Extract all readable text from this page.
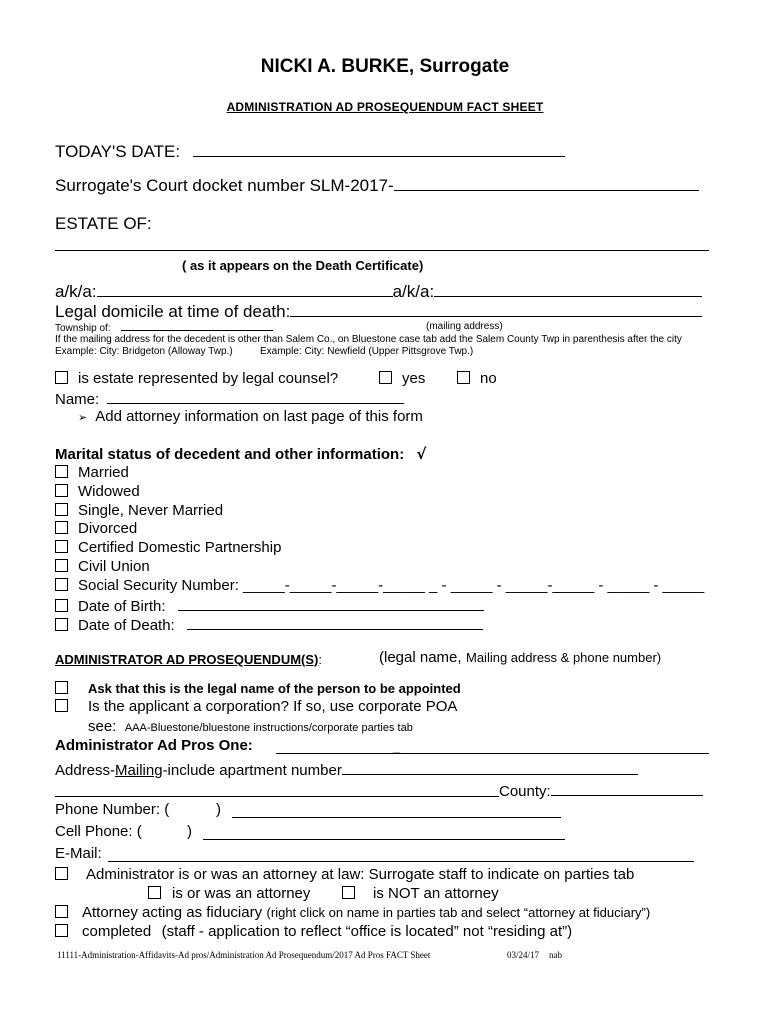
NICKI A. BURKE, Surrogate
ADMINISTRATION AD PROSEQUENDUM FACT SHEET
TODAY'S DATE:
Surrogate's Court docket number SLM-2017-
ESTATE OF:
( as it appears on the Death Certificate)
a/k/a:	a/k/a:
Legal domicile at time of death:
Township of:	(mailing address)
If the mailing address for the decedent is other than Salem Co., on Bluestone case tab add the Salem County Twp in parenthesis after the city
Example: City: Bridgeton (Alloway Twp.)	Example: City: Newfield (Upper Pittsgrove Twp.)
is estate represented by legal counsel?	yes	no
Name:
➢ Add attorney information on last page of this form
Marital status of decedent and other information: √
Married
Widowed
Single, Never Married
Divorced
Certified Domestic Partnership
Civil Union
Social Security Number: _____-_____-_____-_____ _ - _____ - _____-_____ - _____ - _____
Date of Birth:
Date of Death:
ADMINISTRATOR AD PROSEQUENDUM(S):	(legal name, Mailing address & phone number)
Ask that this is the legal name of the person to be appointed
Is the applicant a corporation? If so, use corporate POA
see: AAA-Bluestone/bluestone instructions/corporate parties tab
Administrator Ad Pros One:	_
Address-Mailing-include apartment number
County:
Phone Number: (	)
Cell Phone: (	)
E-Mail:
Administrator is or was an attorney at law: Surrogate staff to indicate on parties tab
is or was an attorney	is NOT an attorney
Attorney acting as fiduciary (right click on name in parties tab and select “attorney at fiduciary”)
completed (staff - application to reflect “office is located” not “residing at”)
11111-Administration-Affidavits-Ad pros/Administration Ad Prosequendum/2017 Ad Pros FACT Sheet	03/24/17 nab
